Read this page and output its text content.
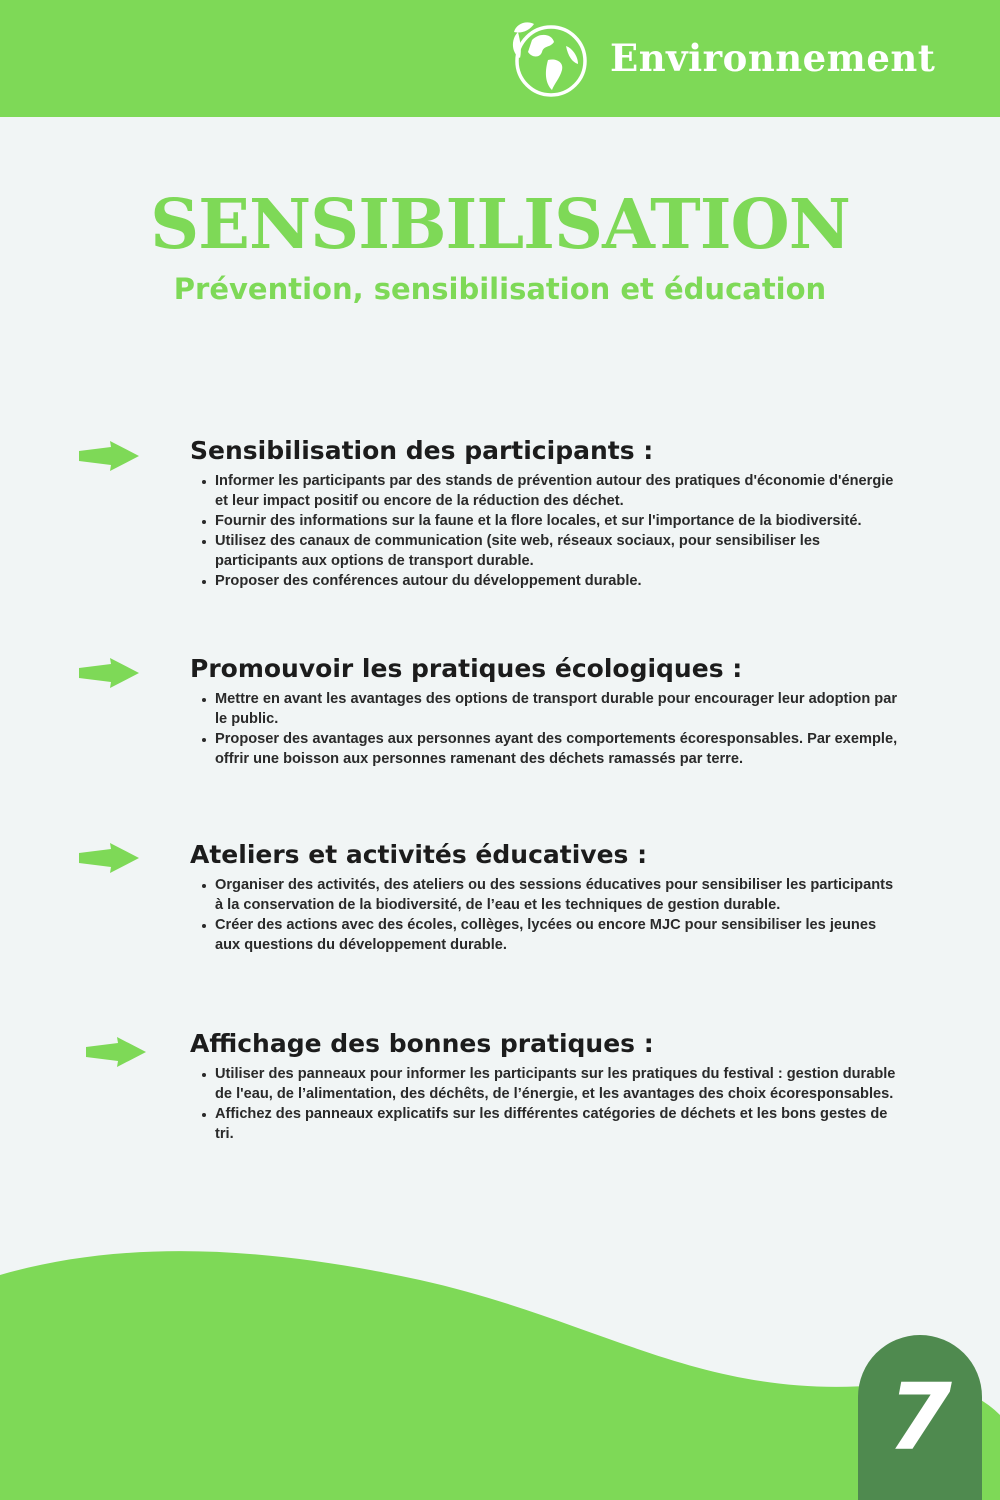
Environnement
SENSIBILISATION
Prévention, sensibilisation et éducation
Sensibilisation des participants :
Informer les participants par des stands de prévention autour des pratiques d'économie d'énergie et leur impact positif ou encore de la réduction des déchet.
Fournir des informations sur la faune et la flore locales, et sur l'importance de la biodiversité.
Utilisez des canaux de communication (site web, réseaux sociaux, pour sensibiliser les participants aux options de transport durable.
Proposer des conférences autour du développement durable.
Promouvoir les pratiques écologiques :
Mettre en avant les avantages des options de transport durable pour encourager leur adoption par le public.
Proposer des avantages aux personnes ayant des comportements écoresponsables. Par exemple, offrir une boisson aux personnes ramenant des déchets ramassés par terre.
Ateliers et activités éducatives :
Organiser des activités, des ateliers ou des sessions éducatives pour sensibiliser les participants à la conservation de la biodiversité, de l’eau et les techniques de gestion durable.
Créer des actions avec des écoles, collèges, lycées ou encore MJC pour sensibiliser les jeunes aux questions du développement durable.
Affichage des bonnes pratiques :
Utiliser des panneaux pour informer les participants sur les pratiques du festival : gestion durable de l'eau, de l’alimentation, des déchêts, de l’énergie, et les avantages des choix écoresponsables.
Affichez des panneaux explicatifs sur les différentes catégories de déchets et les bons gestes de tri.
7
